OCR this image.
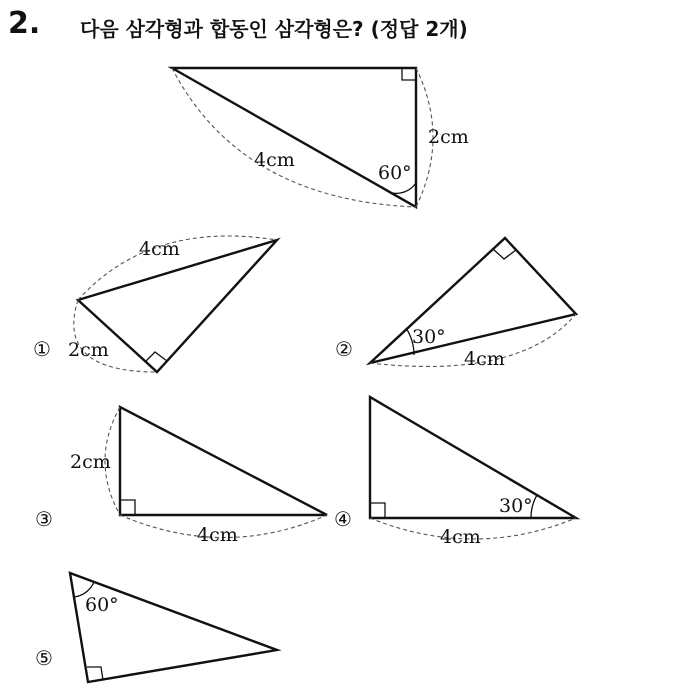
2. 다음 삼각형과 합동인 삼각형은? (정답 2개)
4cm
2cm
60°
①
4cm
2cm	②	30°
4cm
③
2cm
4cm
④
30°
4cm
⑤
60°
